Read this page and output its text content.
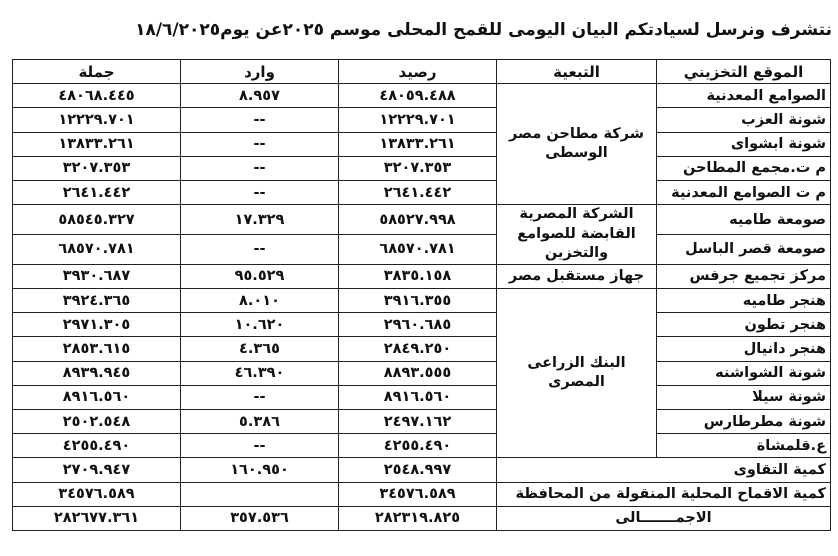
نتشرف ونرسل لسيادتكم البيان اليومى للقمح المحلى موسم ٢٠٢٥عن يوم١٨/٦/٢٠٢٥
الموقع التخزيني	التبعية	رصيد	وارد	جملة
الصوامع المعدنية	شركة مطاحن مصر الوسطى	٤٨٠٥٩.٤٨٨	٨.٩٥٧	٤٨٠٦٨.٤٤٥
شونة العزب		١٢٢٢٩.٧٠١	--	١٢٢٢٩.٧٠١
شونة ابشواى		١٣٨٣٣.٢٦١	--	١٣٨٣٣.٢٦١
م ت.مجمع المطاحن		٣٢٠٧.٣٥٣	--	٣٢٠٧.٣٥٣
م ت الصوامع المعدنية		٢٦٤١.٤٤٢	--	٢٦٤١.٤٤٢
صومعة طاميه	الشركة المصرية القابضة للصوامع والتخزين	٥٨٥٢٧.٩٩٨	١٧.٣٢٩	٥٨٥٤٥.٣٢٧
صومعة قصر الباسل		٦٨٥٧٠.٧٨١	--	٦٨٥٧٠.٧٨١
مركز تجميع جرفس	جهاز مستقبل مصر	٣٨٣٥.١٥٨	٩٥.٥٢٩	٣٩٣٠.٦٨٧
هنجر طاميه	البنك الزراعى المصرى	٣٩١٦.٣٥٥	٨.٠١٠	٣٩٢٤.٣٦٥
هنجر تطون		٢٩٦٠.٦٨٥	١٠.٦٢٠	٢٩٧١.٣٠٥
هنجر دانيال		٢٨٤٩.٢٥٠	٤.٣٦٥	٢٨٥٣.٦١٥
شونة الشواشنه		٨٨٩٣.٥٥٥	٤٦.٣٩٠	٨٩٣٩.٩٤٥
شونة سيلا		٨٩١٦.٥٦٠	--	٨٩١٦.٥٦٠
شونة مطرطارس		٢٤٩٧.١٦٢	٥.٣٨٦	٢٥٠٢.٥٤٨
ع.قلمشاة		٤٢٥٥.٤٩٠	--	٤٢٥٥.٤٩٠
كمية التقاوى		٢٥٤٨.٩٩٧	١٦٠.٩٥٠	٢٧٠٩.٩٤٧
كمية الاقماح المحلية المنقولة من المحافظة		٣٤٥٧٦.٥٨٩		٣٤٥٧٦.٥٨٩
الاجمـــــــالى		٢٨٢٣١٩.٨٢٥	٣٥٧.٥٣٦	٢٨٢٦٧٧.٣٦١
